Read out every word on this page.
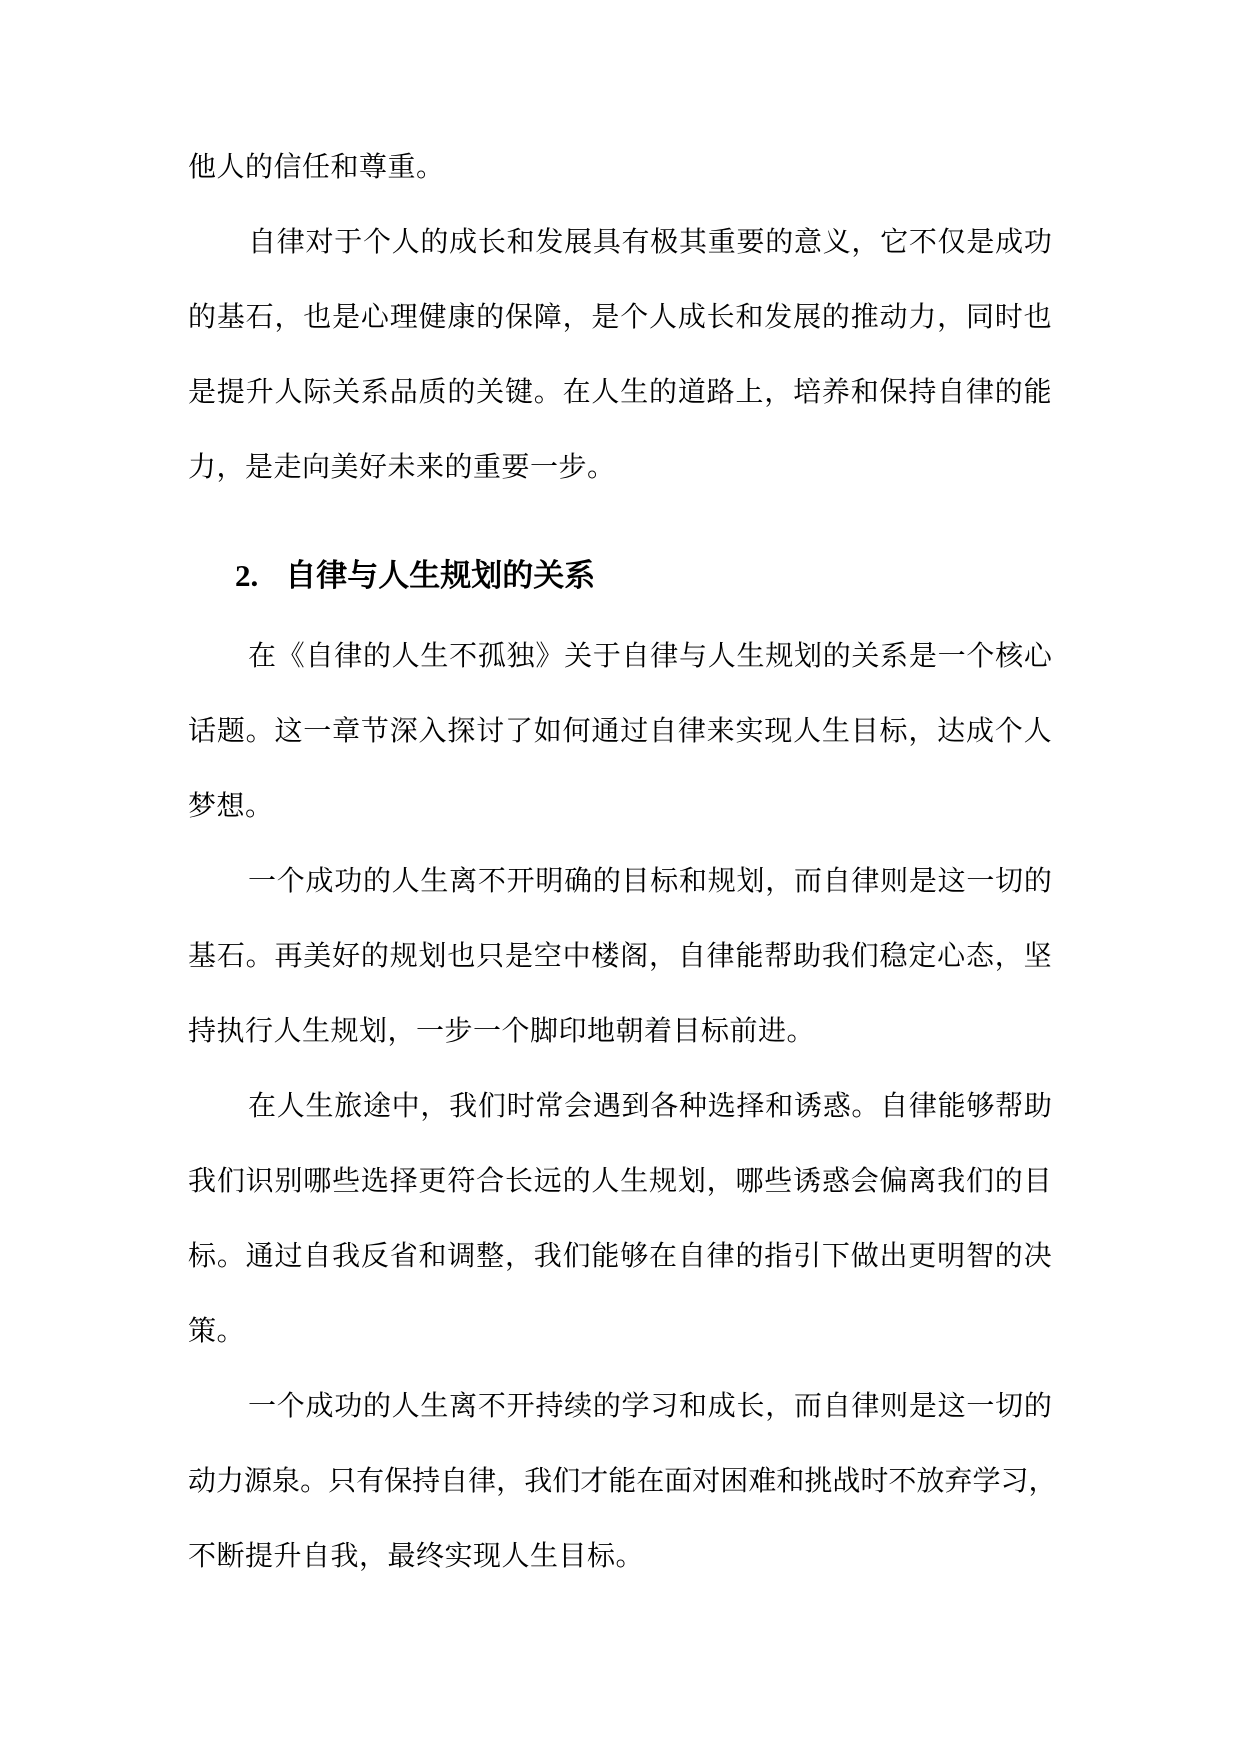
他人的信任和尊重。
自 律 对 于 个 人 的 成 长 和 发 展 具 有 极 其 重 要 的 意 义 ， 它 不 仅 是 成 功
的 基 石 ， 也 是 心 理 健 康 的 保 障 ， 是 个 人 成 长 和 发 展 的 推 动 力 ， 同 时 也
是 提 升 人 际 关 系 品 质 的 关 键 。 在 人 生 的 道 路 上 ， 培 养 和 保 持 自 律 的 能
力，是走向美好未来的重要一步。
2. 自律与人生规划的关系
在 《 自 律 的 人 生 不 孤 独 》 关 于 自 律 与 人 生 规 划 的 关 系 是 一 个 核 心
话 题 。 这 一 章 节 深 入 探 讨 了 如 何 通 过 自 律 来 实 现 人 生 目 标 ， 达 成 个 人
梦想。
一 个 成 功 的 人 生 离 不 开 明 确 的 目 标 和 规 划 ， 而 自 律 则 是 这 一 切 的
基 石 。 再 美 好 的 规 划 也 只 是 空 中 楼 阁 ， 自 律 能 帮 助 我 们 稳 定 心 态 ， 坚
持执行人生规划，一步一个脚印地朝着目标前进。
在 人 生 旅 途 中 ， 我 们 时 常 会 遇 到 各 种 选 择 和 诱 惑 。 自 律 能 够 帮 助
我 们 识 别 哪 些 选 择 更 符 合 长 远 的 人 生 规 划 ， 哪 些 诱 惑 会 偏 离 我 们 的 目
标 。 通 过 自 我 反 省 和 调 整 ， 我 们 能 够 在 自 律 的 指 引 下 做 出 更 明 智 的 决
策。
一 个 成 功 的 人 生 离 不 开 持 续 的 学 习 和 成 长 ， 而 自 律 则 是 这 一 切 的
动 力 源 泉 。 只 有 保 持 自 律 ， 我 们 才 能 在 面 对 困 难 和 挑 战 时 不 放 弃 学 习 ，
不断提升自我，最终实现人生目标。
